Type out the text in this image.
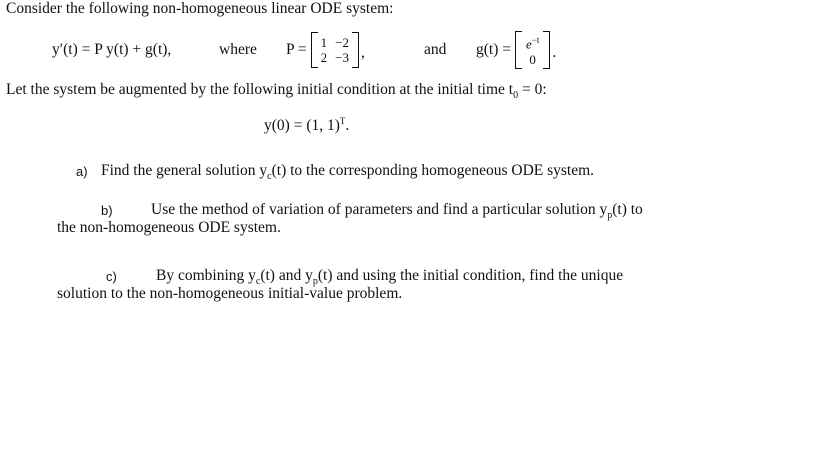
Consider the following non-homogeneous linear ODE system:
y′(t) = P y(t) + g(t),	where P = 1 −2
2 −3 ,	and $g(t) = e^{-t}$
0 .
Let the system be augmented by the following initial condition at the initial time $t_0 = 0$:
y(0) = (1, 1)$^T$.
a) Find the general solution $y_c(t)$ to the corresponding homogeneous ODE system.
b) Use the method of variation of parameters and find a particular solution $y_p(t)$ to
the non-homogeneous ODE system.
c)	By combining $y_c(t)$ and $y_p(t)$ and using the initial condition, find the unique
solution to the non-homogeneous initial-value problem.
